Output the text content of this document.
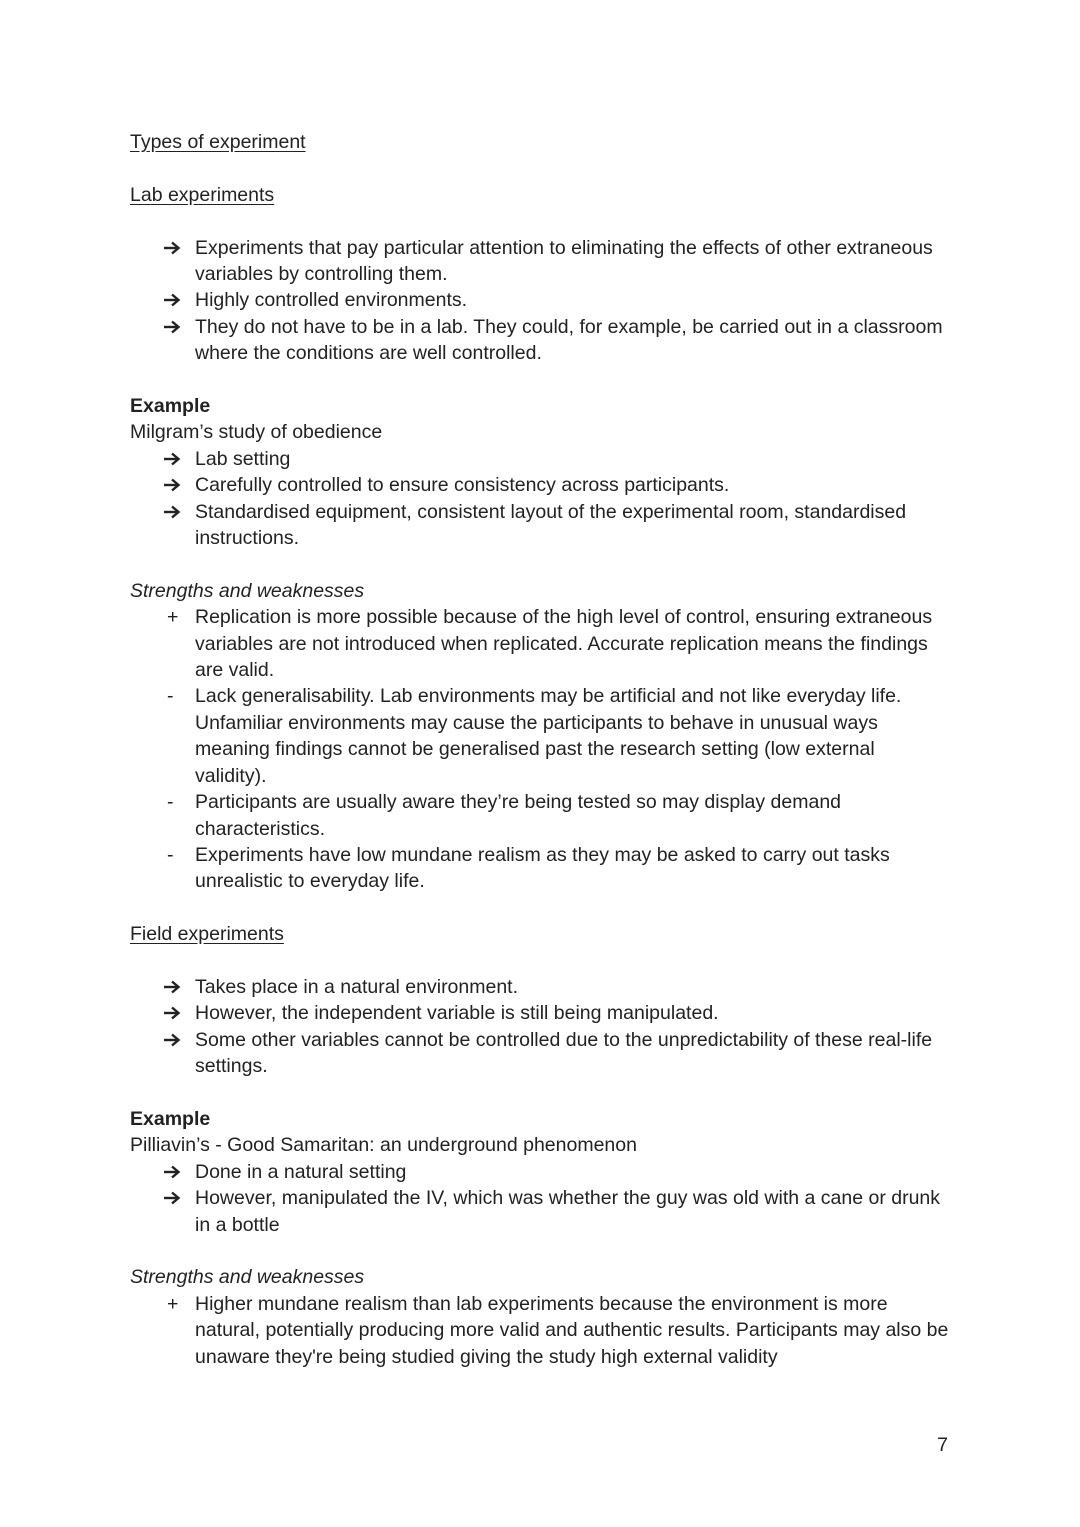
Types of experiment
Lab experiments
Experiments that pay particular attention to eliminating the effects of other extraneous variables by controlling them.
Highly controlled environments.
They do not have to be in a lab. They could, for example, be carried out in a classroom where the conditions are well controlled.
Example
Milgram’s study of obedience
Lab setting
Carefully controlled to ensure consistency across participants.
Standardised equipment, consistent layout of the experimental room, standardised instructions.
Strengths and weaknesses
+ Replication is more possible because of the high level of control, ensuring extraneous variables are not introduced when replicated. Accurate replication means the findings are valid.
-	Lack generalisability. Lab environments may be artificial and not like everyday life. Unfamiliar environments may cause the participants to behave in unusual ways meaning findings cannot be generalised past the research setting (low external validity).
-	Participants are usually aware they’re being tested so may display demand characteristics.
-	Experiments have low mundane realism as they may be asked to carry out tasks unrealistic to everyday life.
Field experiments
Takes place in a natural environment.
However, the independent variable is still being manipulated.
Some other variables cannot be controlled due to the unpredictability of these real-life settings.
Example
Pilliavin’s - Good Samaritan: an underground phenomenon
Done in a natural setting
However, manipulated the IV, which was whether the guy was old with a cane or drunk in a bottle
Strengths and weaknesses
+ Higher mundane realism than lab experiments because the environment is more natural, potentially producing more valid and authentic results. Participants may also be unaware they're being studied giving the study high external validity
7
